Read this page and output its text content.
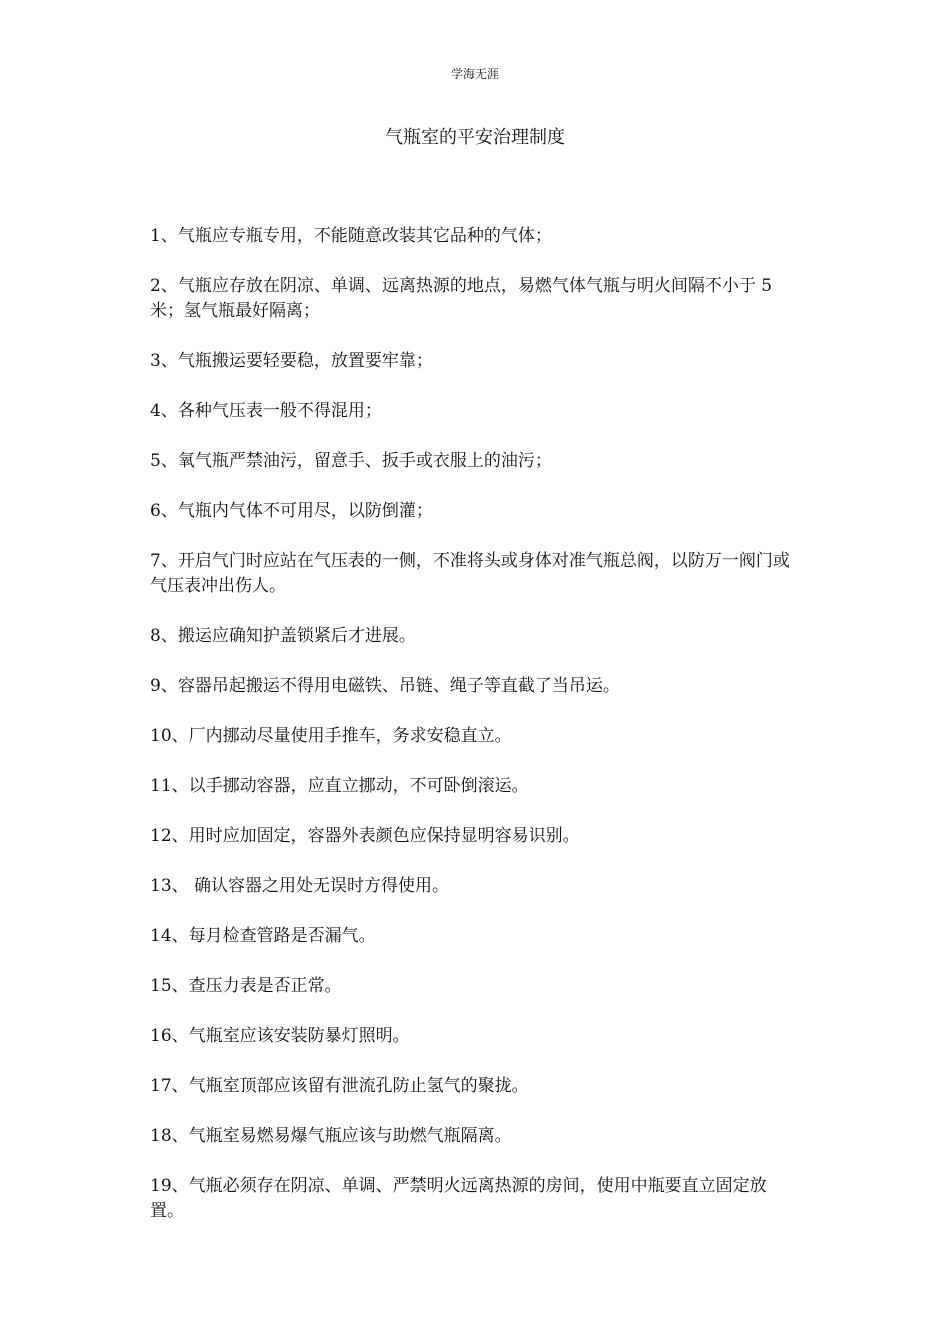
学海无涯
气瓶室的平安治理制度
1、气瓶应专瓶专用，不能随意改装其它品种的气体；
2、气瓶应存放在阴凉、单调、远离热源的地点，易燃气体气瓶与明火间隔不小于 5 米；氢气瓶最好隔离；
3、气瓶搬运要轻要稳，放置要牢靠；
4、各种气压表一般不得混用；
5、氧气瓶严禁油污，留意手、扳手或衣服上的油污；
6、气瓶内气体不可用尽，以防倒灌；
7、开启气门时应站在气压表的一侧，不准将头或身体对准气瓶总阀，以防万一阀门或气压表冲出伤人。
8、搬运应确知护盖锁紧后才进展。
9、容器吊起搬运不得用电磁铁、吊链、绳子等直截了当吊运。
10、厂内挪动尽量使用手推车，务求安稳直立。
11、以手挪动容器，应直立挪动，不可卧倒滚运。
12、用时应加固定，容器外表颜色应保持显明容易识别。
13、 确认容器之用处无误时方得使用。
14、每月检查管路是否漏气。
15、查压力表是否正常。
16、气瓶室应该安装防暴灯照明。
17、气瓶室顶部应该留有泄流孔防止氢气的聚拢。
18、气瓶室易燃易爆气瓶应该与助燃气瓶隔离。
19、气瓶必须存在阴凉、单调、严禁明火远离热源的房间，使用中瓶要直立固定放置。
